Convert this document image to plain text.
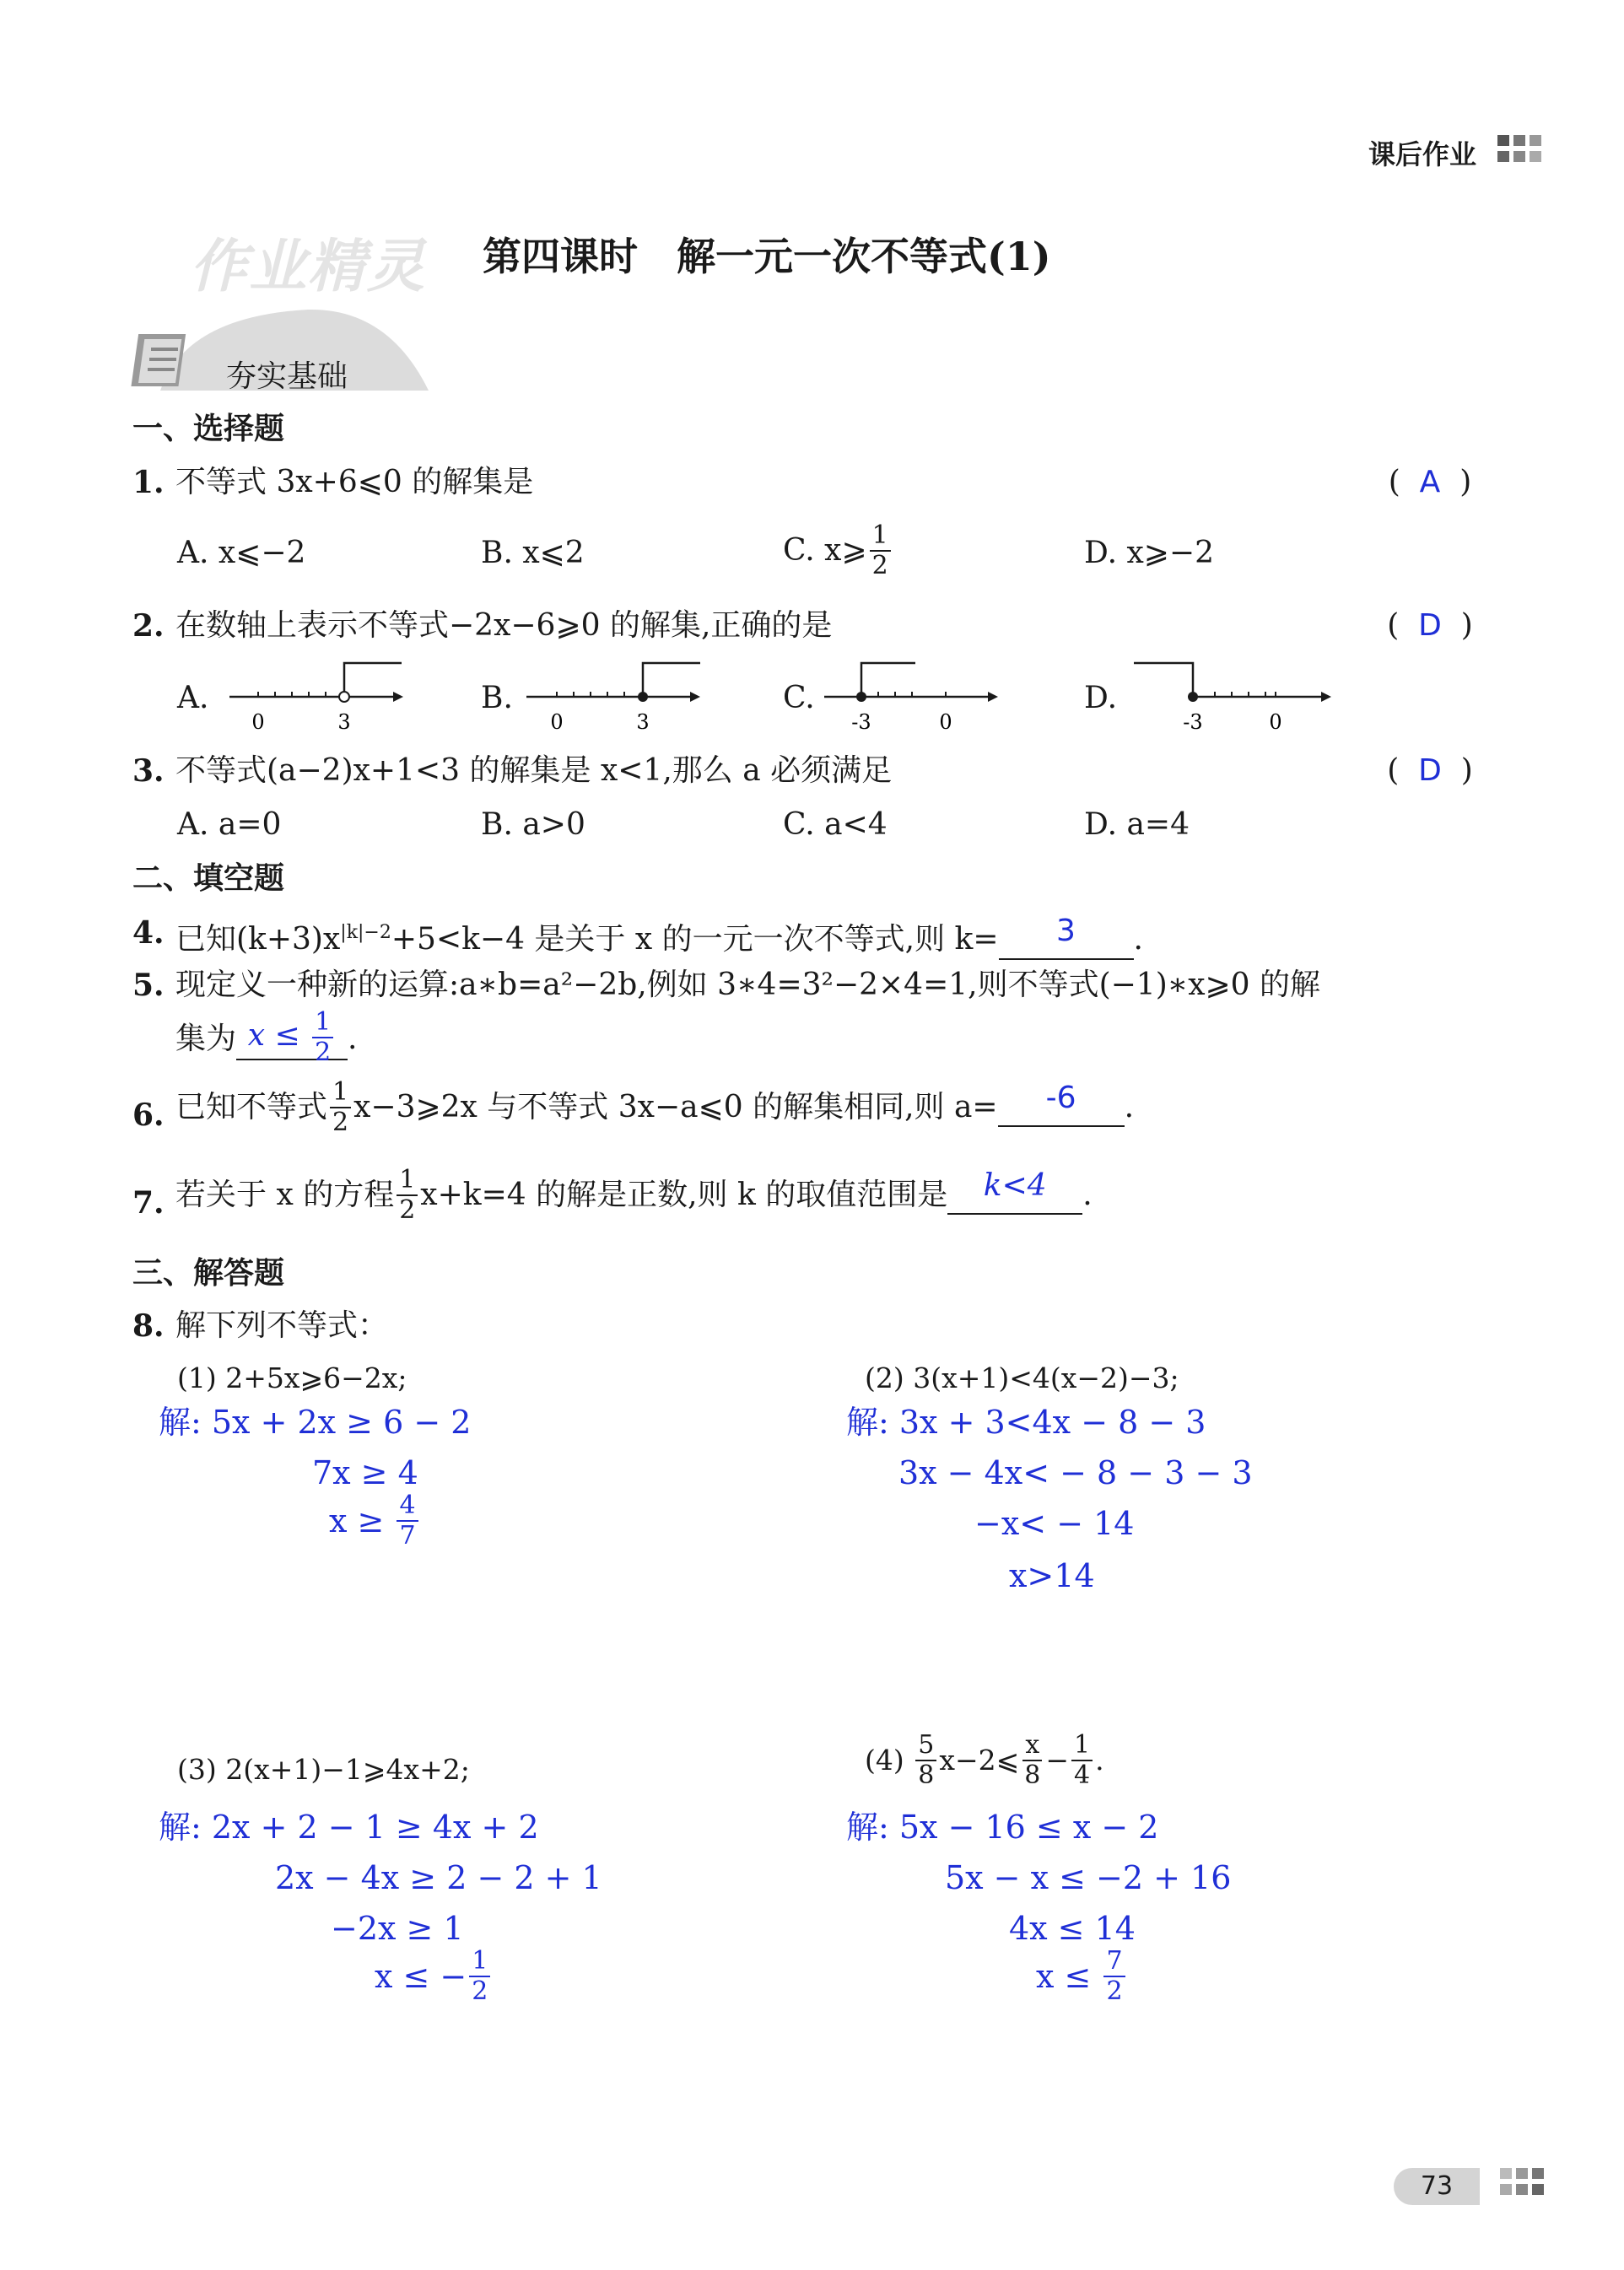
课后作业
作业精灵 第四课时　解一元一次不等式(1)
夯实基础
一、选择题
1. 不等式 3x+6⩽0 的解集是	(  A  )
A. x⩽−2	B. x⩽2	C. x⩾ $\frac{1}{2}$	D. x⩾−2
2. 在数轴上表示不等式−2x−6⩾0 的解集,正确的是	(  D  )
A.
0	3
B.
0	3
C.
-3	0
D.
-3	0
3. 不等式(a−2)x+1<3 的解集是 x<1,那么 a 必须满足	(  D  )
A. a=0	B. a>0	C. a<4	D. a=4
二、填空题
4. 已知$(k+3)x^{|k|-2}+5<k-4$ 是关于 x 的一元一次不等式,则 k= 3 .
5. 现定义一种新的运算:a∗b=a²−2b,例如 3∗4=3²−2×4=1,则不等式(−1)∗x⩾0 的解
集为 $x \le \frac{1}{2}$ .
6. 已知不等式 $\frac{1}{2}$ x−3⩾2x 与不等式 3x−a⩽0 的解集相同,则 a= -6 .
7. 若关于 x 的方程 $\frac{1}{2} x+k=4$ 的解是正数,则 k 的取值范围是 k<4 .
三、解答题
8. 解下列不等式：
(1) 2+5x⩾6−2x;
解: 5x + 2x ≥ 6 − 2
7x ≥ 4
$x \ge \frac{4}{7}$
(2) 3(x+1)<4(x−2)−3;
解: 3x + 3<4x − 8 − 3
3x − 4x< − 8 − 3 − 3
−x< − 14
x>14
(3) 2(x+1)−1⩾4x+2;
解: 2x + 2 − 1 ≥ 4x + 2
2x − 4x ≥ 2 − 2 + 1
−2x ≥ 1
x ≤ − $\frac{1}{2}$
$(4) \frac{5}{8}$ x−2⩽ $\frac{x}{8} - \frac{1}{4}$ .
解: 5x − 16 ≤ x − 2
5x − x ≤ −2 + 16
4x ≤ 14
$x \le \frac{7}{2}$
73
